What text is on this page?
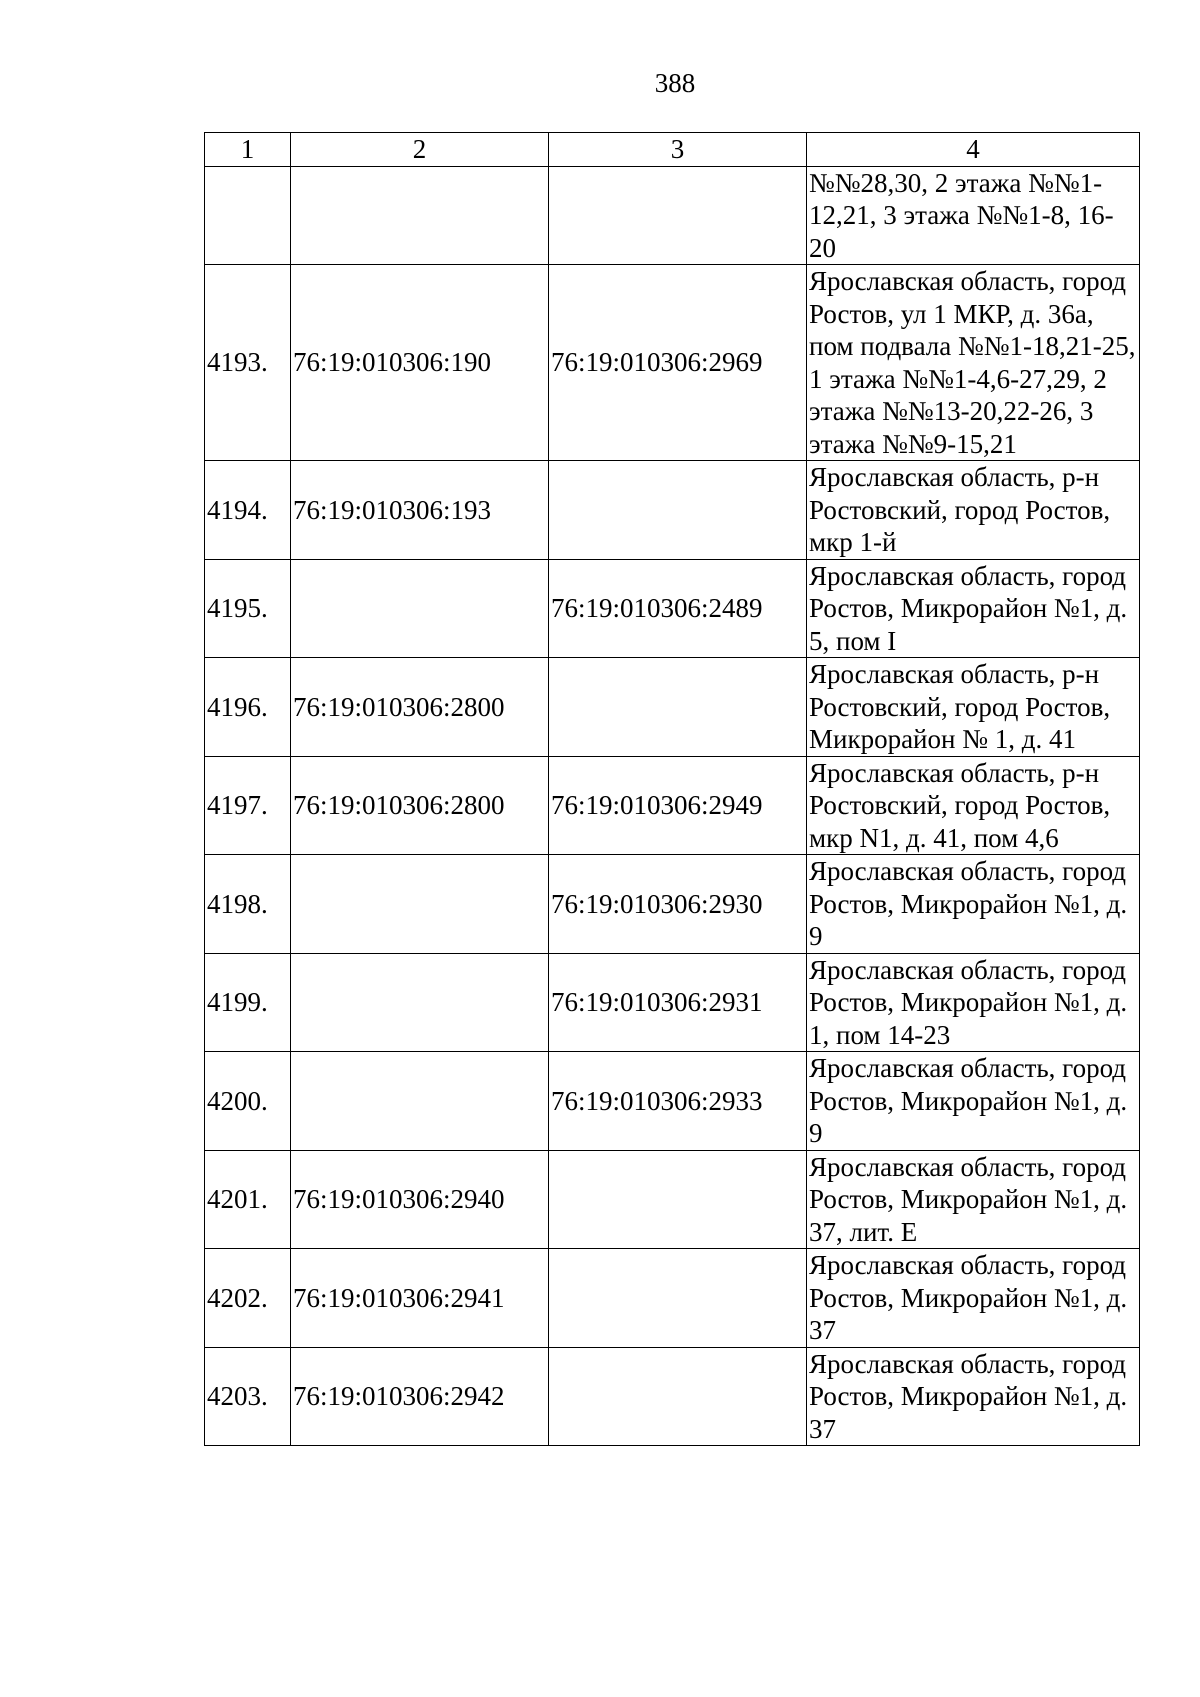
388
1	2	3	4
			№№28,30, 2 этажа №№1-12,21, 3 этажа №№1-8, 16-20
4193.	76:19:010306:190	76:19:010306:2969	Ярославская область, город Ростов, ул 1 МКР, д. 36а, пом подвала №№1-18,21-25, 1 этажа №№1-4,6-27,29, 2 этажа №№13-20,22-26, 3 этажа №№9-15,21
4194.	76:19:010306:193		Ярославская область, р-н Ростовский, город Ростов, мкр 1-й
4195.		76:19:010306:2489	Ярославская область, город Ростов, Микрорайон №1, д. 5, пом I
4196.	76:19:010306:2800		Ярославская область, р-н Ростовский, город Ростов, Микрорайон № 1, д. 41
4197.	76:19:010306:2800	76:19:010306:2949	Ярославская область, р-н Ростовский, город Ростов, мкр N1, д. 41, пом 4,6
4198.		76:19:010306:2930	Ярославская область, город Ростов, Микрорайон №1, д. 9
4199.		76:19:010306:2931	Ярославская область, город Ростов, Микрорайон №1, д. 1, пом 14-23
4200.		76:19:010306:2933	Ярославская область, город Ростов, Микрорайон №1, д. 9
4201.	76:19:010306:2940		Ярославская область, город Ростов, Микрорайон №1, д. 37, лит. Е
4202.	76:19:010306:2941		Ярославская область, город Ростов, Микрорайон №1, д. 37
4203.	76:19:010306:2942		Ярославская область, город Ростов, Микрорайон №1, д. 37
